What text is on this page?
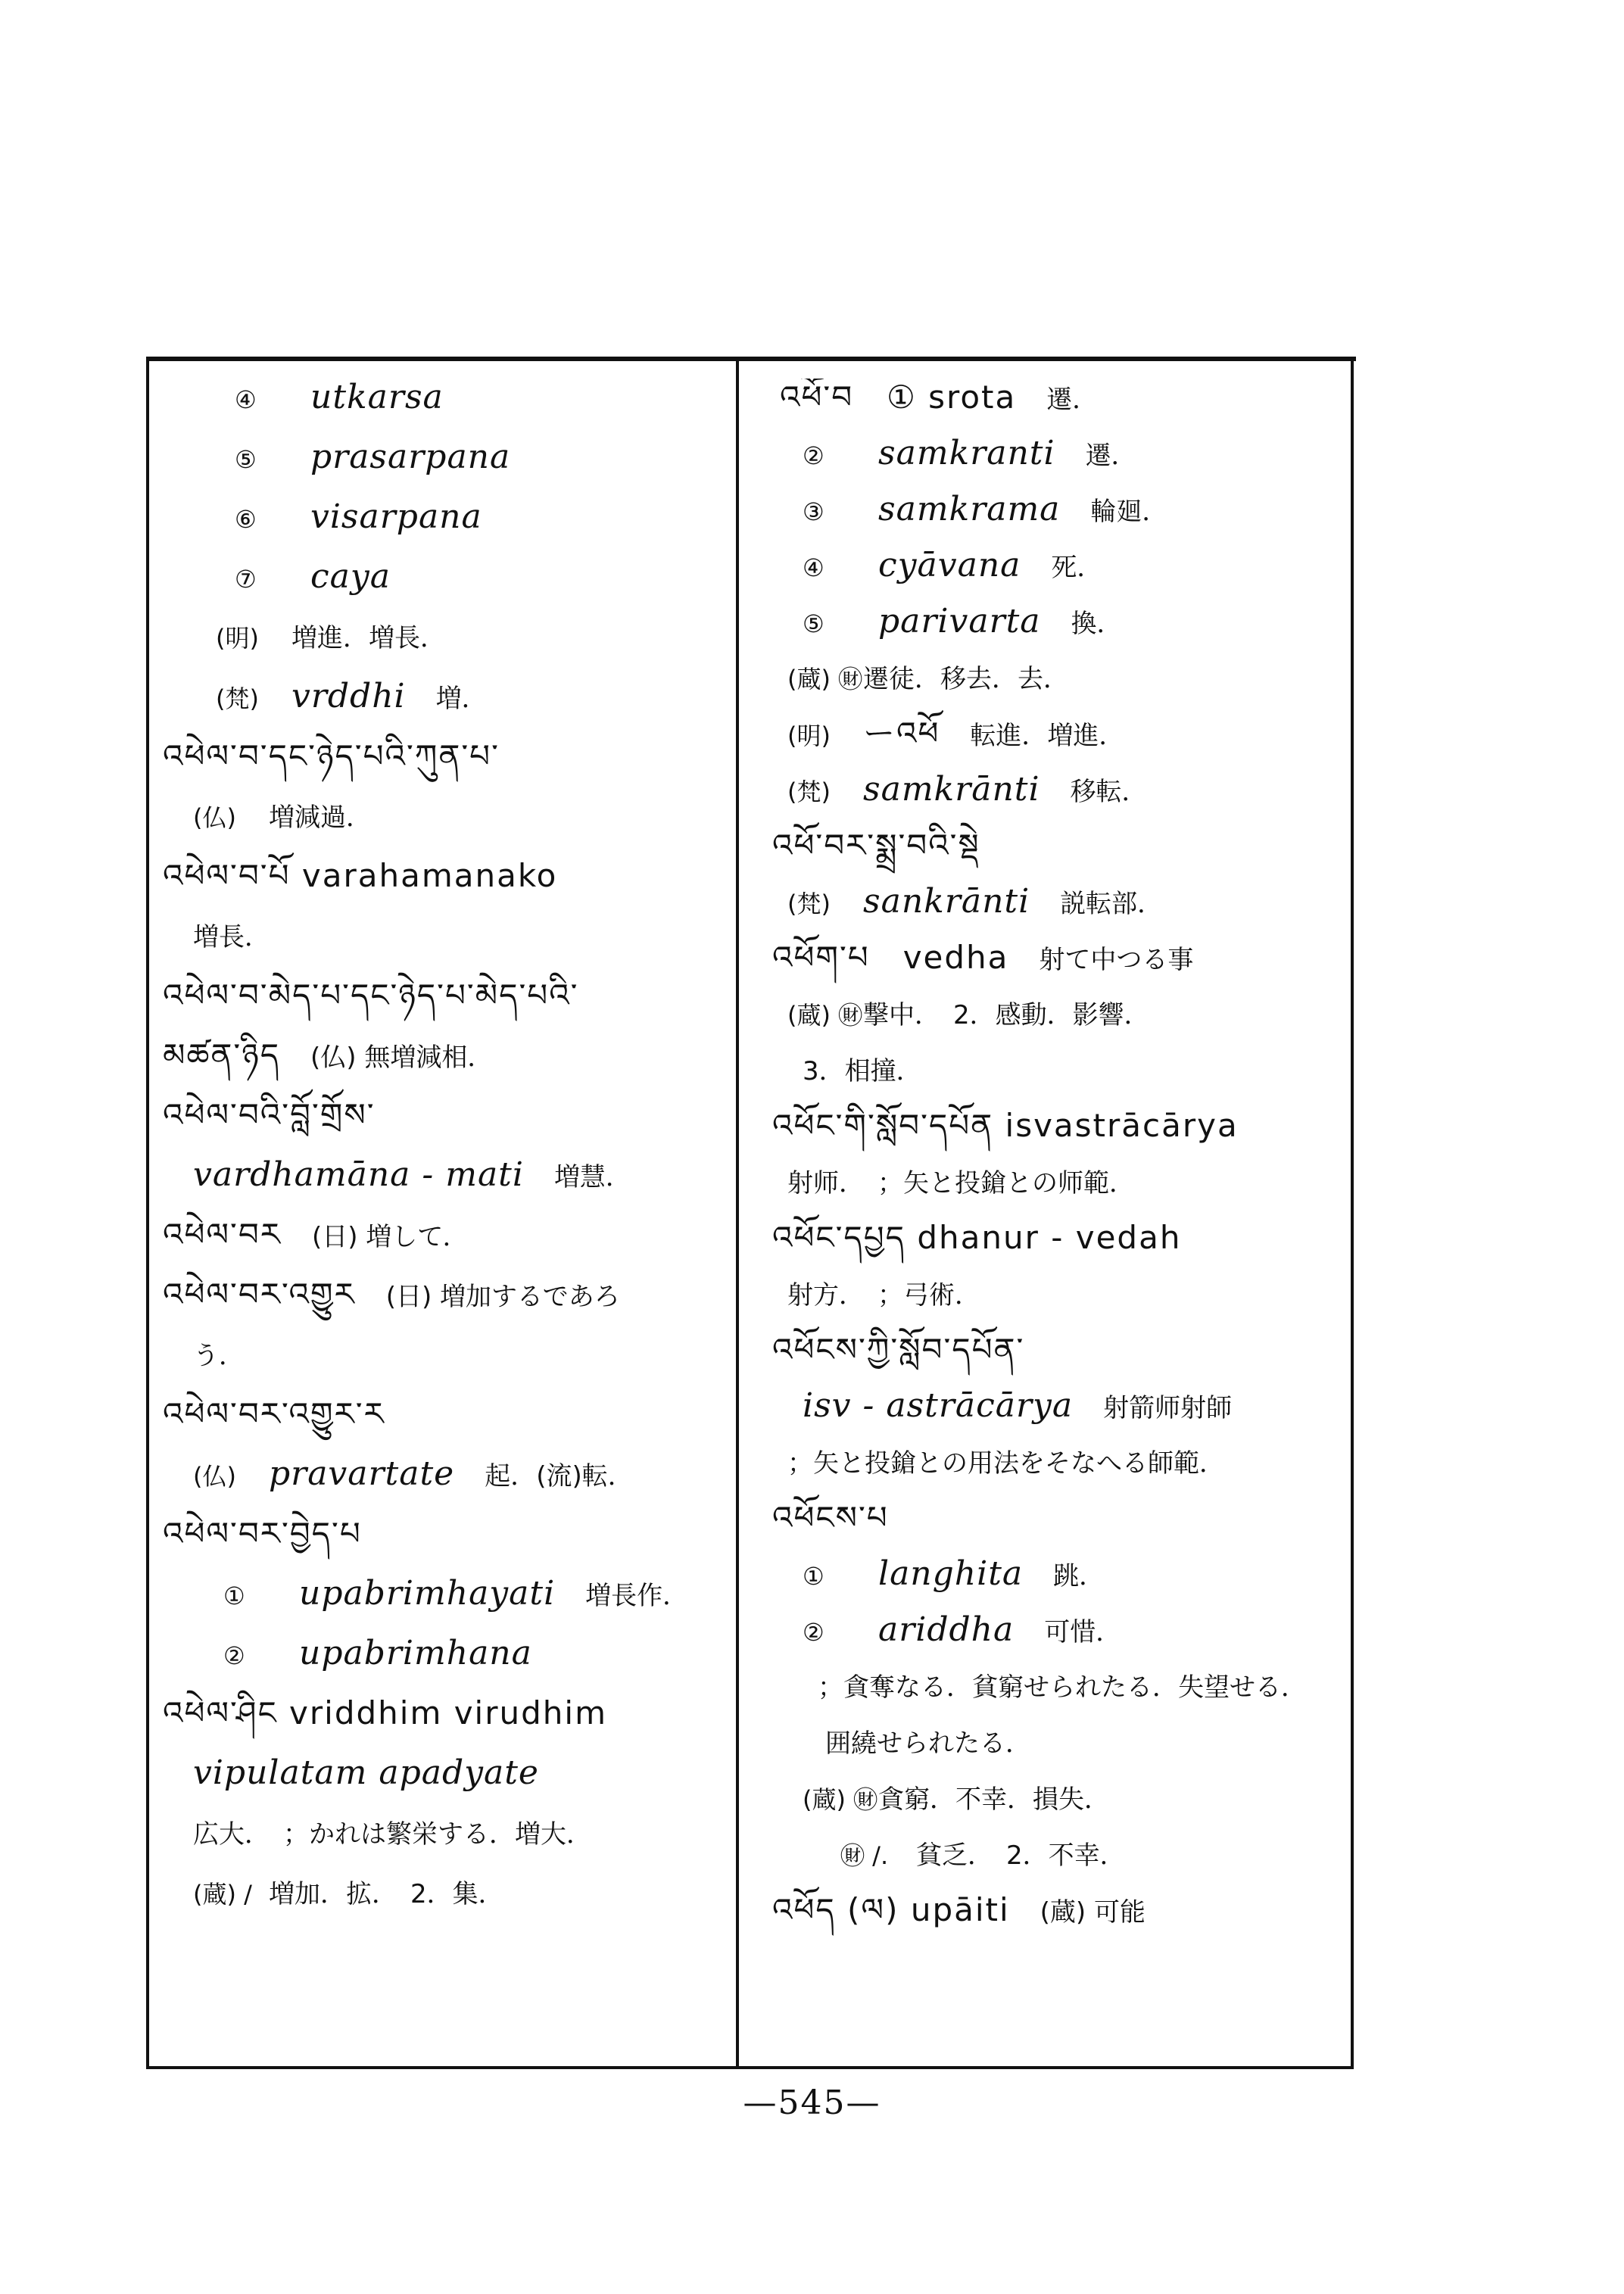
④ utkarsa
⑤ prasarpana
⑥ visarpana
⑦ caya
(明) 増進．増長．
(梵) vrddhi 増．
འཕེལ་བ་དང་ཉེད་པའི་ཀུན་པ་
(仏) 増減過．
འཕེལ་བ་པོ varahamanako
増長．
འཕེལ་བ་མེད་པ་དང་ཉེད་པ་མེད་པའི་
མཚན་ཉིད (仏) 無増減相．
འཕེལ་བའི་བློ་གྲོས་
vardhamāna - mati 増慧．
འཕེལ་བར (日) 増して．
འཕེལ་བར་འགྱུར (日) 増加するであろ
う．
འཕེལ་བར་འགྱུར་ར
(仏) pravartate 起．(流)転．
འཕེལ་བར་བྱེད་པ
① upabrimhayati 増長作．
② upabrimhana
འཕེལ་ཤིང vriddhim virudhim
vipulatam apadyate
広大．　；かれは繁栄する．増大．
(蔵) / 増加．拡．　2．集．
འཕོ་བ　① srota 遷．
② samkranti 遷．
③ samkrama 輪廻．
④ cyāvana 死．
⑤ parivarta 換．
(蔵) ㊖遷徒．移去．去．
(明) ーའཕོ 転進．増進．
(梵) samkrānti 移転．
འཕོ་བར་སྨྲ་བའི་སྡེ
(梵) sankrānti 説転部．
འཕོག་པ　vedha 射て中つる事
(蔵) ㊖撃中．　2．感動．影響．
3．相撞．
འཕོང་གི་སློབ་དཔོན isvastrācārya
射师．　；矢と投鎗との师範．
འཕོང་དཔྱད dhanur - vedah
射方．　；弓術．
འཕོངས་ཀྱི་སློབ་དཔོན་
isv - astrācārya 射箭师射師
；矢と投鎗との用法をそなへる師範．
འཕོངས་པ
① langhita 跳．
② ariddha 可惜．
；貪奪なる．貧窮せられたる．失望せる．
囲繞せられたる．
(蔵) ㊖貪窮．不幸．損失．
㊖ /. 貧乏．　2．不幸．
འཕོད (ལ) upāiti (蔵) 可能
—545—
